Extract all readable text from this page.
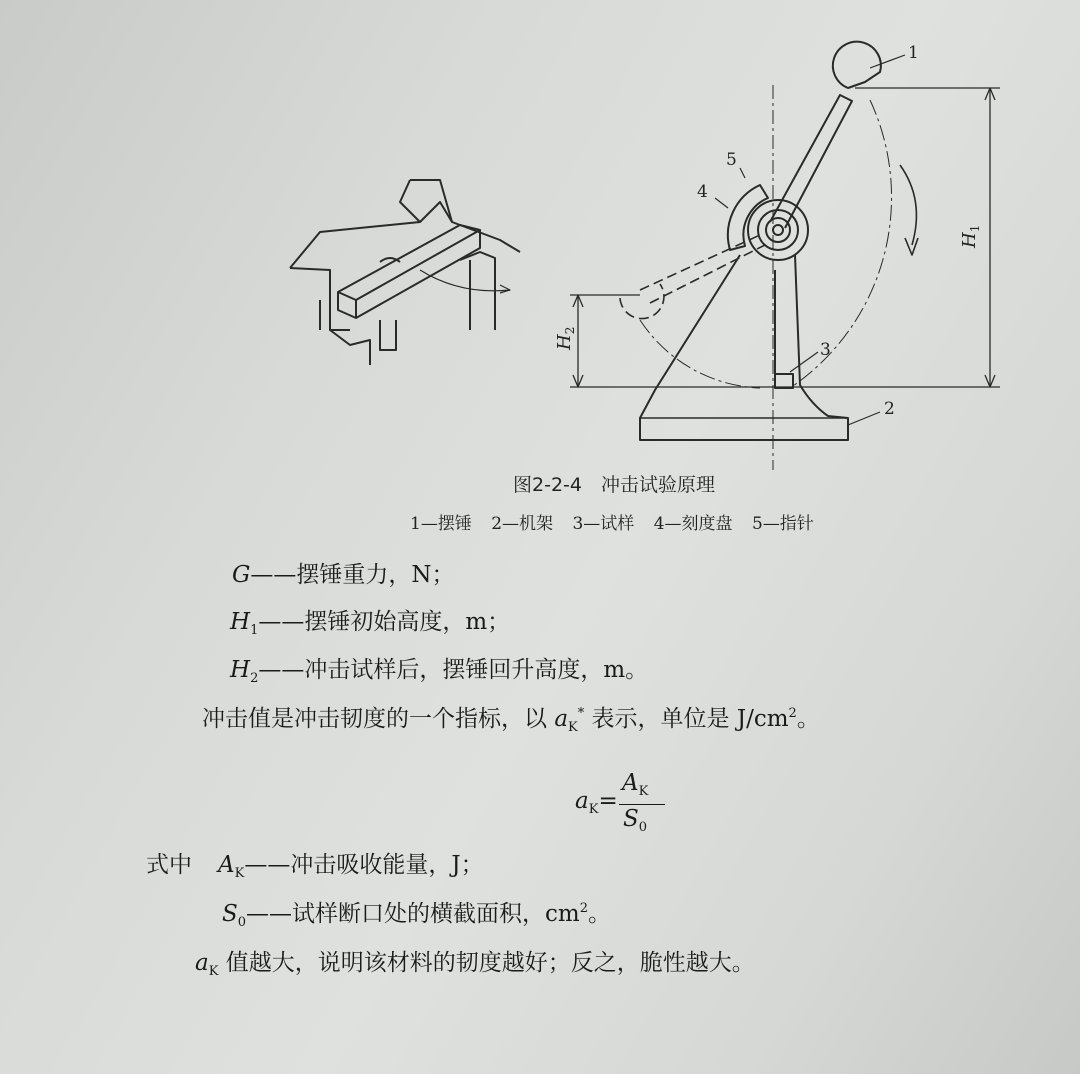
1
2
3
4
5
$H_1$
$H_2$
图2-2-4　冲击试验原理
1—摆锤 2—机架 3—试样 4—刻度盘 5—指针
G——摆锤重力，N；
$H_1——$摆锤初始高度，m；
$H_2——$冲击试样后，摆锤回升高度，m。
冲击值是冲击韧度的一个指标，以 $a_K^*$ 表示，单位是 $J/cm^2$。
$a_K=$
$A_K$
$S_0$
式中 $A_K——$冲击吸收能量，J；
$S_0——$试样断口处的横截面积，$cm^2$。
$a_K$ 值越大，说明该材料的韧度越好；反之，脆性越大。
